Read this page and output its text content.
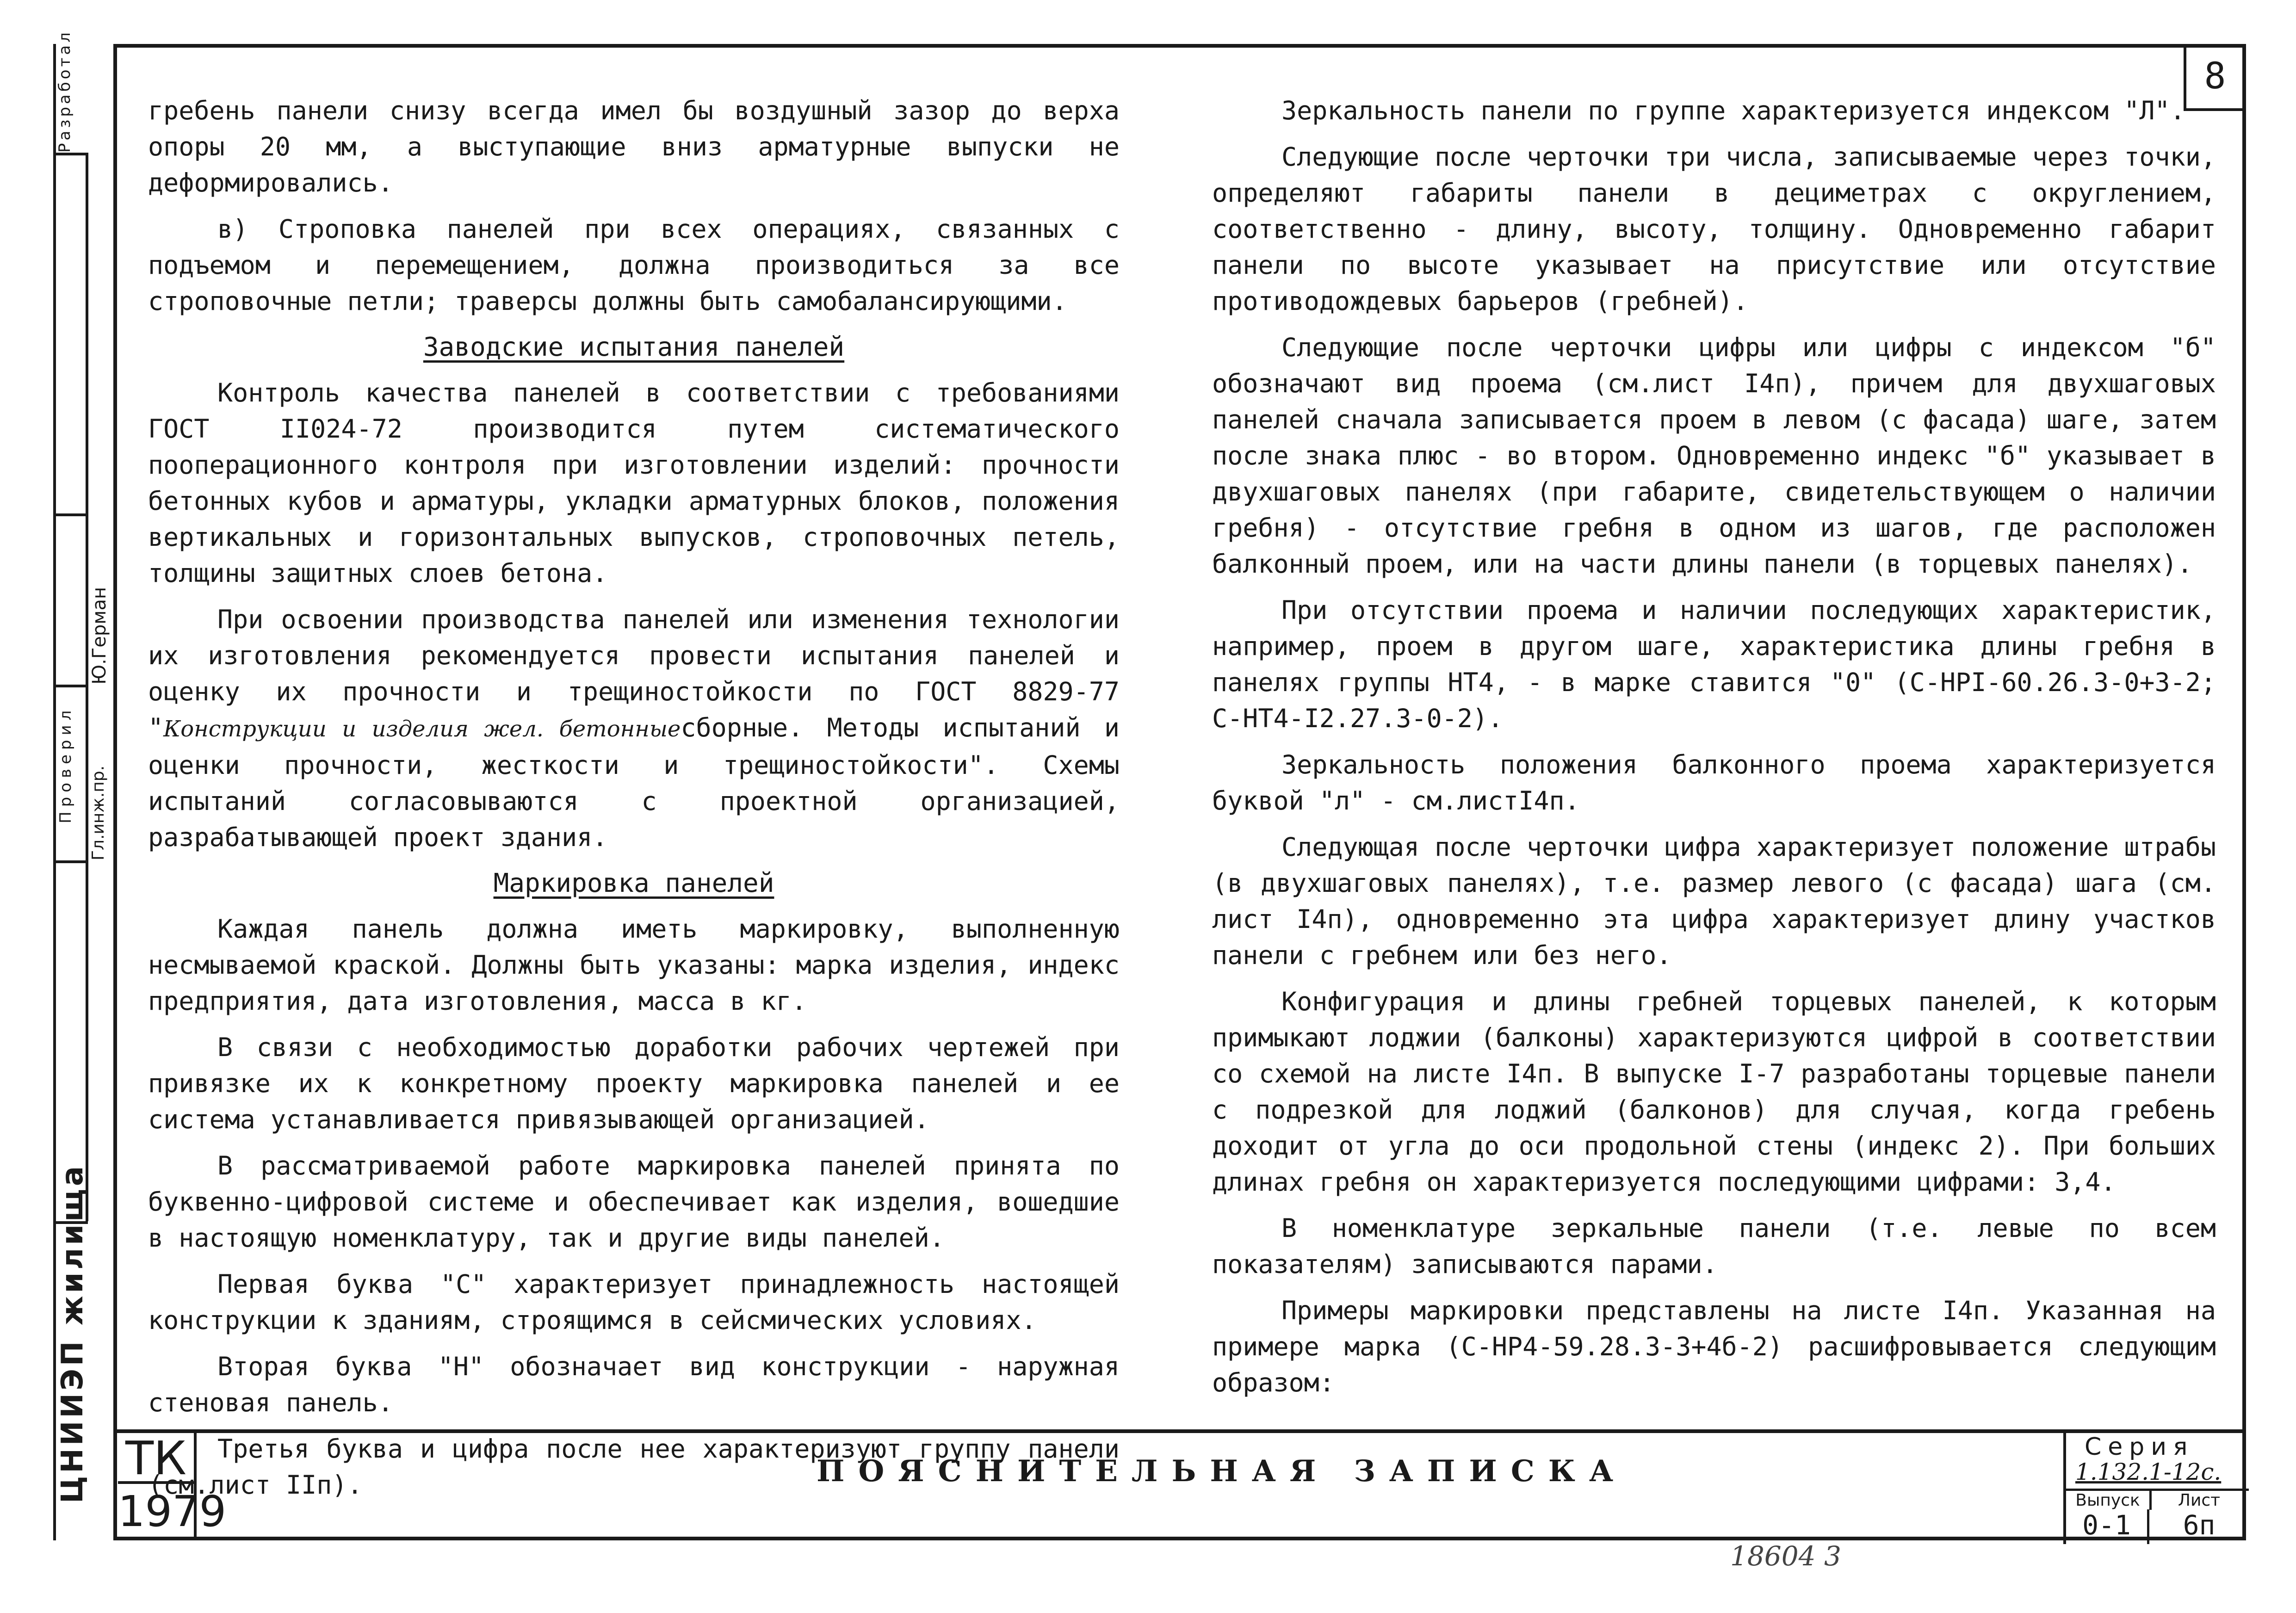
ЦНИИЭП жилища
Проверил Гл.инж.пр.
Ю.Герман
Разработал	8

гребень панели снизу всегда имел бы воздушный зазор до верха опоры 20 мм, а выступающие вниз арматурные выпуски не деформировались.

в) Строповка панелей при всех операциях, связанных с подъемом и перемещением, должна производиться за все строповочные петли; траверсы должны быть самобалансирующими.

Заводские испытания панелей

Контроль качества панелей в соответствии с требованиями ГОСТ II024-72 производится путем систематического пооперационного контроля при изготовлении изделий: прочности бетонных кубов и арматуры, укладки арматурных блоков, положения вертикальных и горизонтальных выпусков, строповочных петель, толщины защитных слоев бетона.

При освоении производства панелей или изменения технологии их изготовления рекомендуется провести испытания панелей и оценку их прочности и трещиностойкости по ГОСТ 8829-77 "Конструкции и изделия жел. бетонныесборные. Методы испытаний и оценки прочности, жесткости и трещиностойкости". Схемы испытаний согласовываются с проектной организацией, разрабатывающей проект здания.

Маркировка панелей

Каждая панель должна иметь маркировку, выполненную несмываемой краской. Должны быть указаны: марка изделия, индекс предприятия, дата изготовления, масса в кг.

В связи с необходимостью доработки рабочих чертежей при привязке их к конкретному проекту маркировка панелей и ее система устанавливается привязывающей организацией.

В рассматриваемой работе маркировка панелей принята по буквенно-цифровой системе и обеспечивает как изделия, вошедшие в настоящую номенклатуру, так и другие виды панелей.

Первая буква "С" характеризует принадлежность настоящей конструкции к зданиям, строящимся в сейсмических условиях.

Вторая буква "Н" обозначает вид конструкции - наружная стеновая панель.

Третья буква и цифра после нее характеризуют группу панели (см.лист IIп).

Зеркальность панели по группе характеризуется индексом "Л".

Следующие после черточки три числа, записываемые через точки, определяют габариты панели в дециметрах с округлением, соответственно - длину, высоту, толщину. Одновременно габарит панели по высоте указывает на присутствие или отсутствие противодождевых барьеров (гребней).

Следующие после черточки цифры или цифры с индексом "б" обозначают вид проема (см.лист I4п), причем для двухшаговых панелей сначала записывается проем в левом (с фасада) шаге, затем после знака плюс - во втором. Одновременно индекс "б" указывает в двухшаговых панелях (при габарите, свидетельствующем о наличии гребня) - отсутствие гребня в одном из шагов, где расположен балконный проем, или на части длины панели (в торцевых панелях).

При отсутствии проема и наличии последующих характеристик, например, проем в другом шаге, характеристика длины гребня в панелях группы НТ4, - в марке ставится "0" (С-НРI-60.26.3-0+3-2; С-НТ4-I2.27.3-0-2).

Зеркальность положения балконного проема характеризуется буквой "л" - см.листI4п.

Следующая после черточки цифра характеризует положение штрабы (в двухшаговых панелях), т.е. размер левого (с фасада) шага (см. лист I4п), одновременно эта цифра характеризует длину участков панели с гребнем или без него.

Конфигурация и длины гребней торцевых панелей, к которым примыкают лоджии (балконы) характеризуются цифрой в соответствии со схемой на листе I4п. В выпуске I-7 разработаны торцевые панели с подрезкой для лоджий (балконов) для случая, когда гребень доходит от угла до оси продольной стены (индекс 2). При больших длинах гребня он характеризуется последующими цифрами: 3,4.

В номенклатуре зеркальные панели (т.е. левые по всем показателям) записываются парами.

Примеры маркировки представлены на листе I4п. Указанная на примере марка (С-НР4-59.28.3-3+4б-2) расшифровывается следующим образом:

ТК
1979
ПОЯСНИТЕЛЬНАЯ ЗАПИСКА
Серия
1.132.1-12с.
Выпуск	Лист
0-1	6п
18604 3
